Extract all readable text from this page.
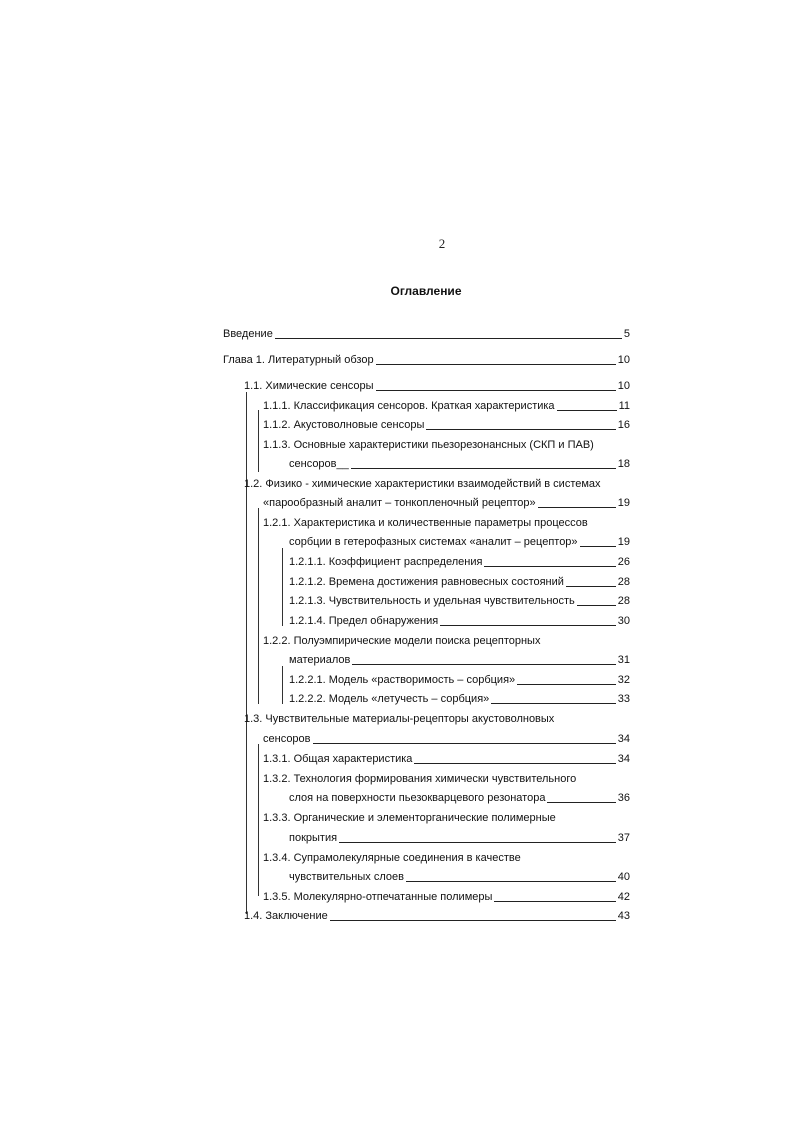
2
Оглавление
Введение	5
Глава 1. Литературный обзор	10
1.1. Химические сенсоры	10
1.1.1. Классификация сенсоров. Краткая характеристика	11
1.1.2. Акустоволновые сенсоры	16
1.1.3. Основные характеристики пьезорезонансных (СКП и ПАВ)
сенсоров__	18
1.2. Физико - химические характеристики взаимодействий в системах
«парообразный аналит – тонкопленочный рецептор»	19
1.2.1. Характеристика и количественные параметры процессов
сорбции в гетерофазных системах «аналит – рецептор»	19
1.2.1.1. Коэффициент распределения	26
1.2.1.2. Времена достижения равновесных состояний	28
1.2.1.3. Чувствительность и удельная чувствительность	28
1.2.1.4. Предел обнаружения	30
1.2.2. Полуэмпирические модели поиска рецепторных
материалов	31
1.2.2.1. Модель «растворимость – сорбция»	32
1.2.2.2. Модель «летучесть – сорбция»	33
1.3. Чувствительные материалы-рецепторы акустоволновых
сенсоров	34
1.3.1. Общая характеристика	34
1.3.2. Технология формирования химически чувствительного
слоя на поверхности пьезокварцевого резонатора	36
1.3.3. Органические и элементорганические полимерные
покрытия	37
1.3.4. Супрамолекулярные соединения в качестве
чувствительных слоев	40
1.3.5. Молекулярно-отпечатанные полимеры	42
1.4. Заключение	43
